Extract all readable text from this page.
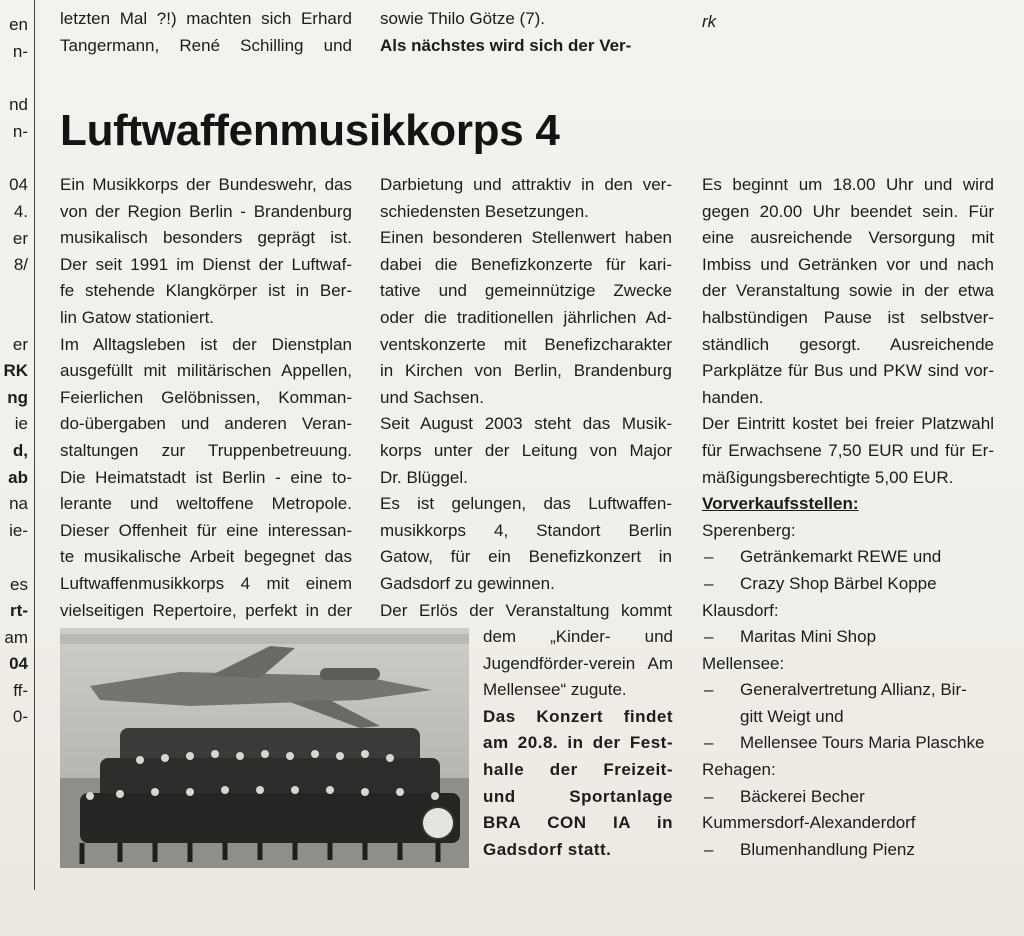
en
n-
nd
n-
04
4.
er
8/
er
RK
ng
ie
d,
ab
na
ie-
es
rt-
am
04
ff-
0-
letzten Mal ?!) machten sich Erhard
Tangermann, René Schilling und
sowie Thilo Götze (7).
Als nächstes wird sich der Ver-
rk
Luftwaffenmusikkorps 4
Ein Musikkorps der Bundeswehr, das
von der Region Berlin - Brandenburg
musikalisch besonders geprägt ist.
Der seit 1991 im Dienst der Luftwaf-
fe stehende Klangkörper ist in Ber-
lin Gatow stationiert.
Im Alltagsleben ist der Dienstplan
ausgefüllt mit militärischen Appellen,
Feierlichen Gelöbnissen, Komman-
do-übergaben und anderen Veran-
staltungen zur Truppenbetreuung.
Die Heimatstadt ist Berlin - eine to-
lerante und weltoffene Metropole.
Dieser Offenheit für eine interessan-
te musikalische Arbeit begegnet das
Luftwaffenmusikkorps 4 mit einem
vielseitigen Repertoire, perfekt in der
Darbietung und attraktiv in den ver-
schiedensten Besetzungen.
Einen besonderen Stellenwert haben
dabei die Benefizkonzerte für kari-
tative und gemeinnützige Zwecke
oder die traditionellen jährlichen Ad-
ventskonzerte mit Benefizcharakter
in Kirchen von Berlin, Brandenburg
und Sachsen.
Seit August 2003 steht das Musik-
korps unter der Leitung von Major
Dr. Blüggel.
Es ist gelungen, das Luftwaffen-
musikkorps 4, Standort Berlin
Gatow, für ein Benefizkonzert in
Gadsdorf zu gewinnen.
Der Erlös der Veranstaltung kommt
dem „Kinder- und
Jugendförder-verein Am
Mellensee“ zugute.
Das Konzert findet
am 20.8. in der Fest-
halle der Freizeit-
und Sportanlage
BRA CON IA in
Gadsdorf statt.
Es beginnt um 18.00 Uhr und wird
gegen 20.00 Uhr beendet sein. Für
eine ausreichende Versorgung mit
Imbiss und Getränken vor und nach
der Veranstaltung sowie in der etwa
halbstündigen Pause ist selbstver-
ständlich gesorgt. Ausreichende
Parkplätze für Bus und PKW sind vor-
handen.
Der Eintritt kostet bei freier Platzwahl
für Erwachsene 7,50 EUR und für Er-
mäßigungsberechtigte 5,00 EUR.
Vorverkaufsstellen:
Sperenberg:
– Getränkemarkt REWE und
– Crazy Shop Bärbel Koppe
Klausdorf:
– Maritas Mini Shop
Mellensee:
– Generalvertretung Allianz, Bir-
gitt Weigt und
– Mellensee Tours Maria Plaschke
Rehagen:
– Bäckerei Becher
Kummersdorf-Alexanderdorf
– Blumenhandlung Pienz
